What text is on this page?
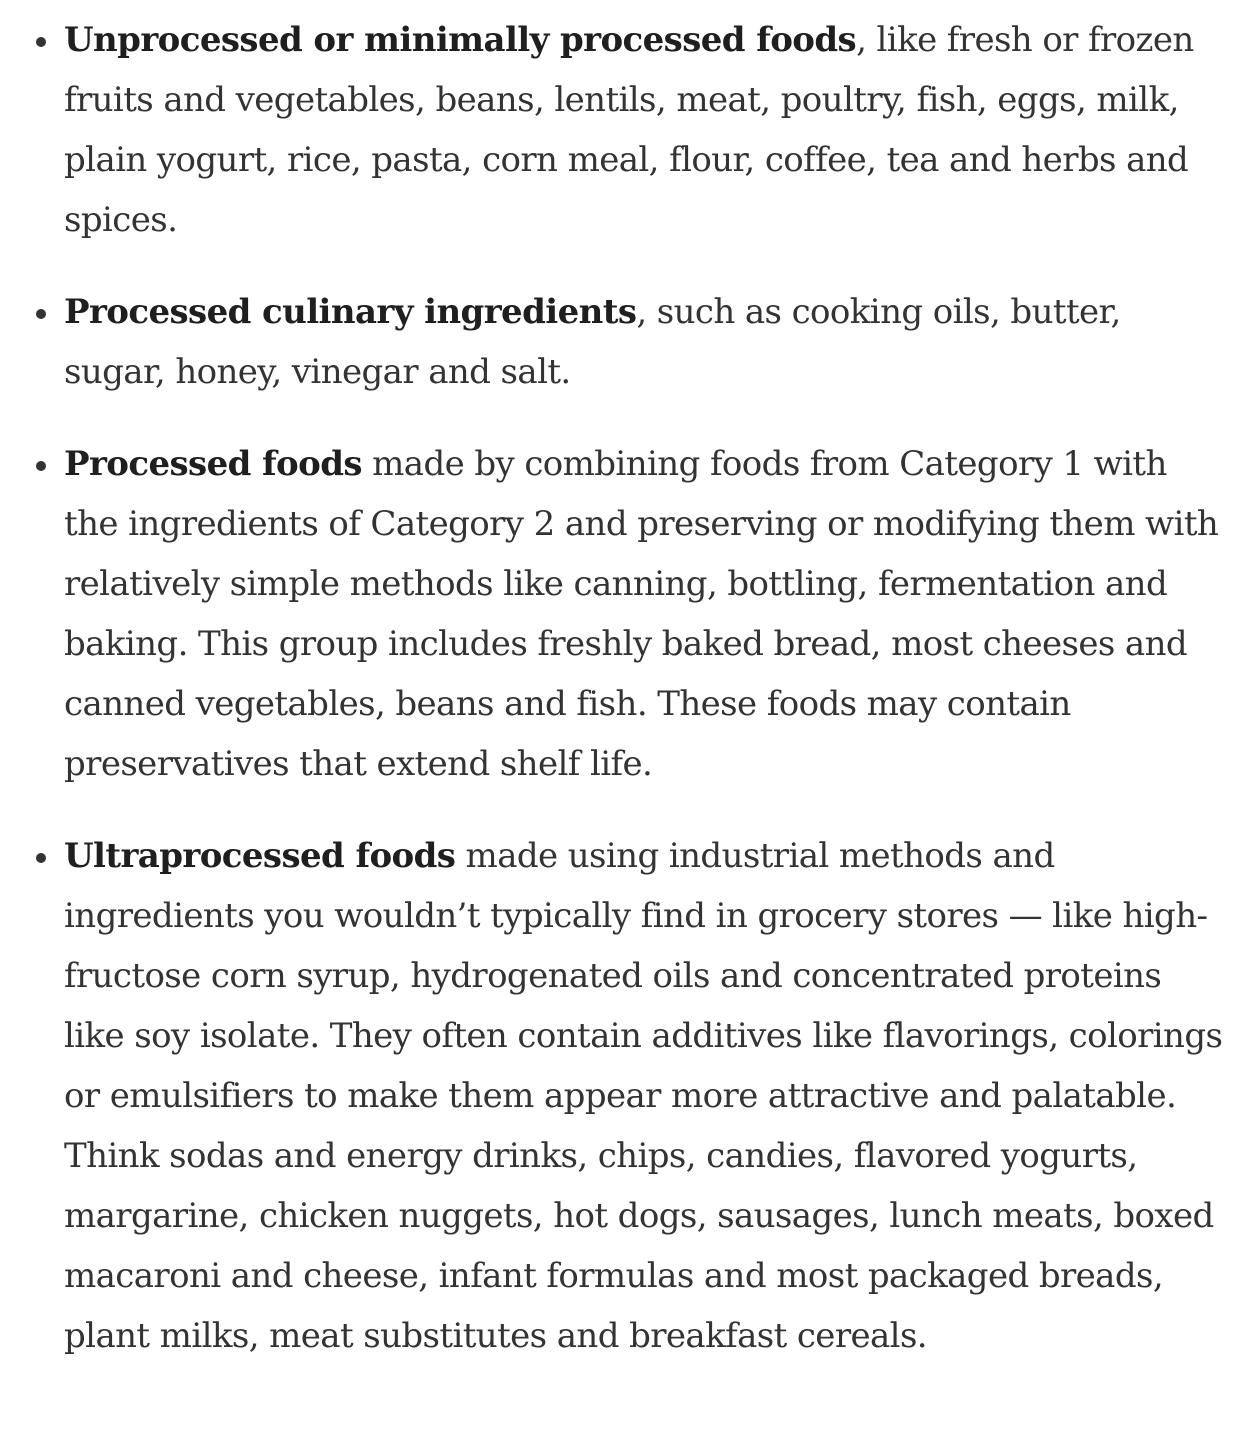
Unprocessed or minimally processed foods, like fresh or frozen fruits and vegetables, beans, lentils, meat, poultry, fish, eggs, milk, plain yogurt, rice, pasta, corn meal, flour, coffee, tea and herbs and spices.
Processed culinary ingredients, such as cooking oils, butter, sugar, honey, vinegar and salt.
Processed foods made by combining foods from Category 1 with the ingredients of Category 2 and preserving or modifying them with relatively simple methods like canning, bottling, fermentation and baking. This group includes freshly baked bread, most cheeses and canned vegetables, beans and fish. These foods may contain preservatives that extend shelf life.
Ultraprocessed foods made using industrial methods and ingredients you wouldn’t typically find in grocery stores — like high-fructose corn syrup, hydrogenated oils and concentrated proteins like soy isolate. They often contain additives like flavorings, colorings or emulsifiers to make them appear more attractive and palatable. Think sodas and energy drinks, chips, candies, flavored yogurts, margarine, chicken nuggets, hot dogs, sausages, lunch meats, boxed macaroni and cheese, infant formulas and most packaged breads, plant milks, meat substitutes and breakfast cereals.
